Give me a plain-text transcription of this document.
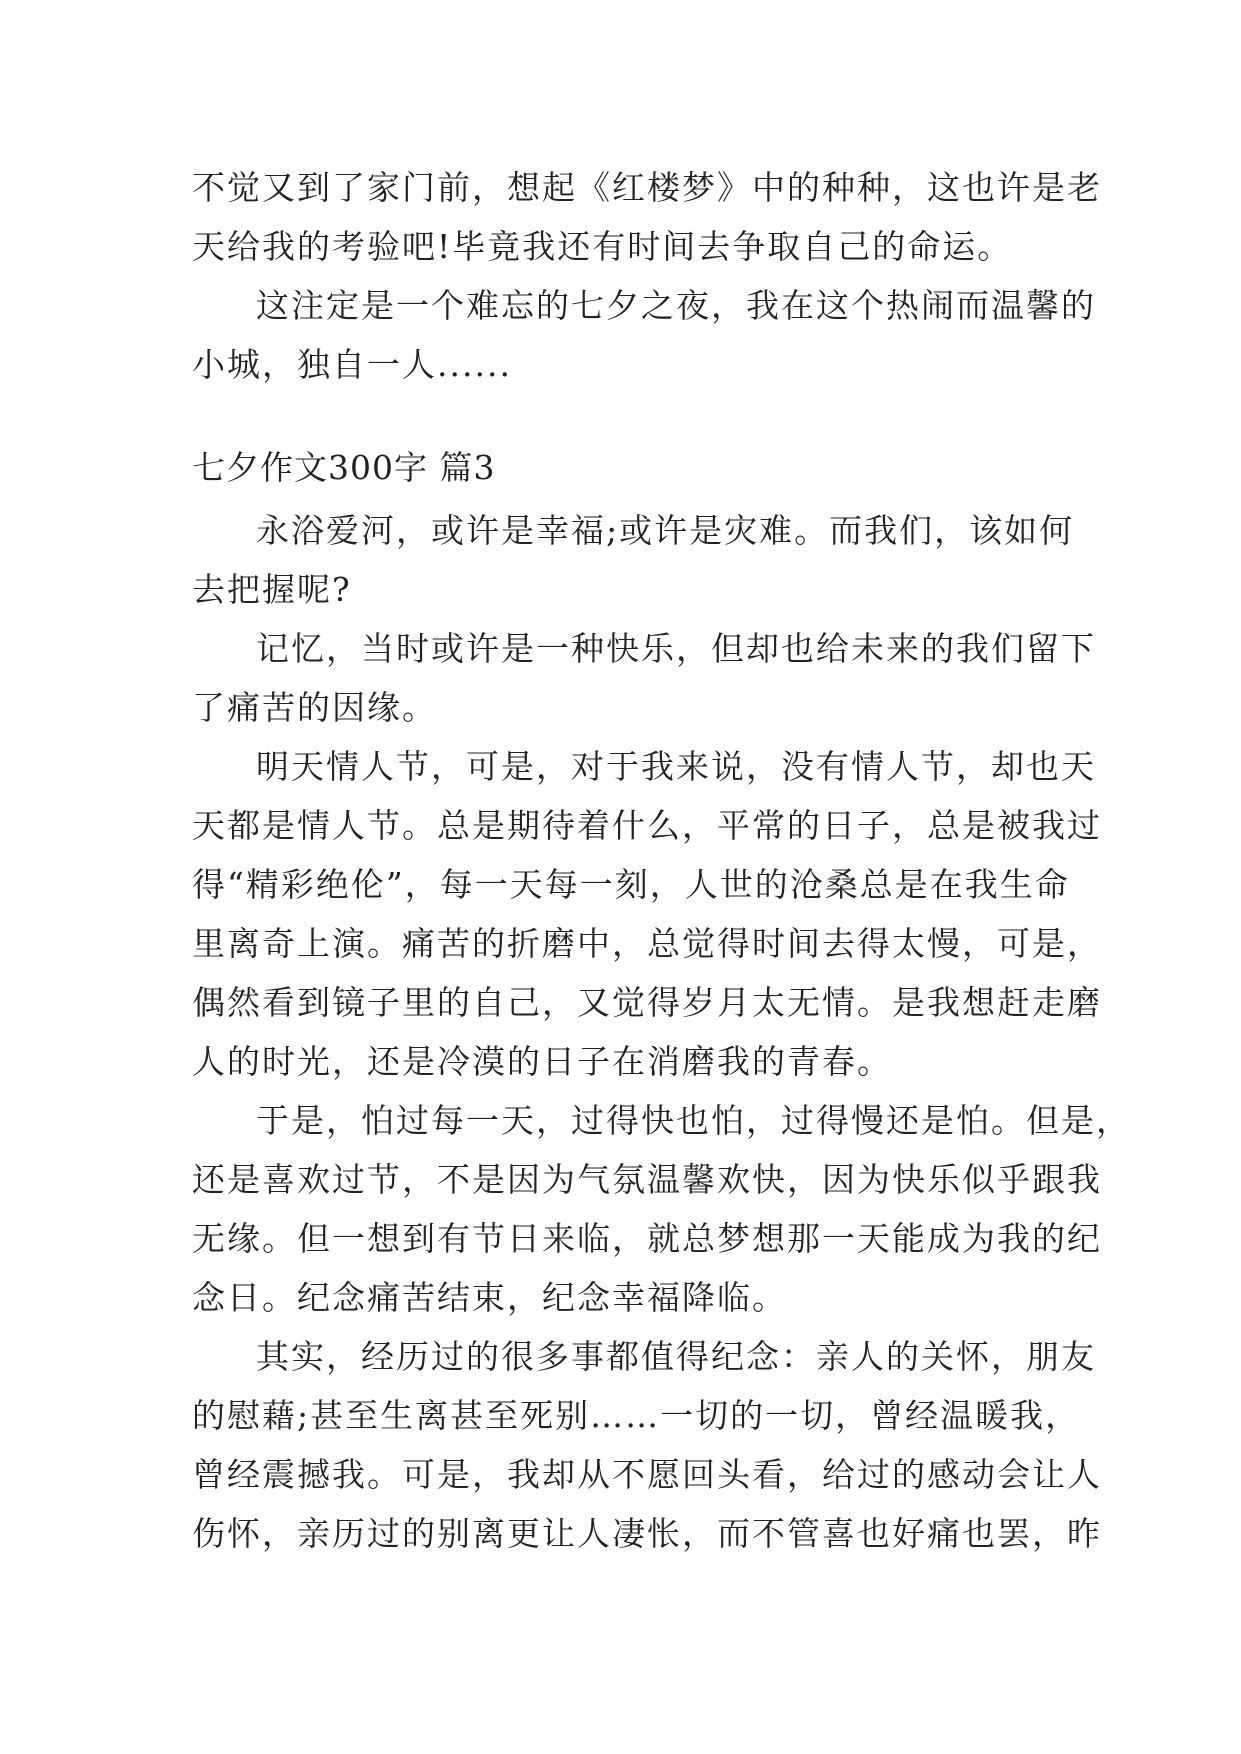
不觉又到了家门前，想起《红楼梦》中的种种，这也许是老
天给我的考验吧!毕竟我还有时间去争取自己的命运。
这注定是一个难忘的七夕之夜，我在这个热闹而温馨的
小城，独自一人......
七夕作文300字 篇3
永浴爱河，或许是幸福;或许是灾难。而我们，该如何
去把握呢?
记忆，当时或许是一种快乐，但却也给未来的我们留下
了痛苦的因缘。
明天情人节，可是，对于我来说，没有情人节，却也天
天都是情人节。总是期待着什么，平常的日子，总是被我过
得“精彩绝伦”，每一天每一刻，人世的沧桑总是在我生命
里离奇上演。痛苦的折磨中，总觉得时间去得太慢，可是，
偶然看到镜子里的自己，又觉得岁月太无情。是我想赶走磨
人的时光，还是冷漠的日子在消磨我的青春。
于是，怕过每一天，过得快也怕，过得慢还是怕。但是，
还是喜欢过节，不是因为气氛温馨欢快，因为快乐似乎跟我
无缘。但一想到有节日来临，就总梦想那一天能成为我的纪
念日。纪念痛苦结束，纪念幸福降临。
其实，经历过的很多事都值得纪念：亲人的关怀，朋友
的慰藉;甚至生离甚至死别……一切的一切，曾经温暖我，
曾经震撼我。可是，我却从不愿回头看，给过的感动会让人
伤怀，亲历过的别离更让人凄怅，而不管喜也好痛也罢，昨
